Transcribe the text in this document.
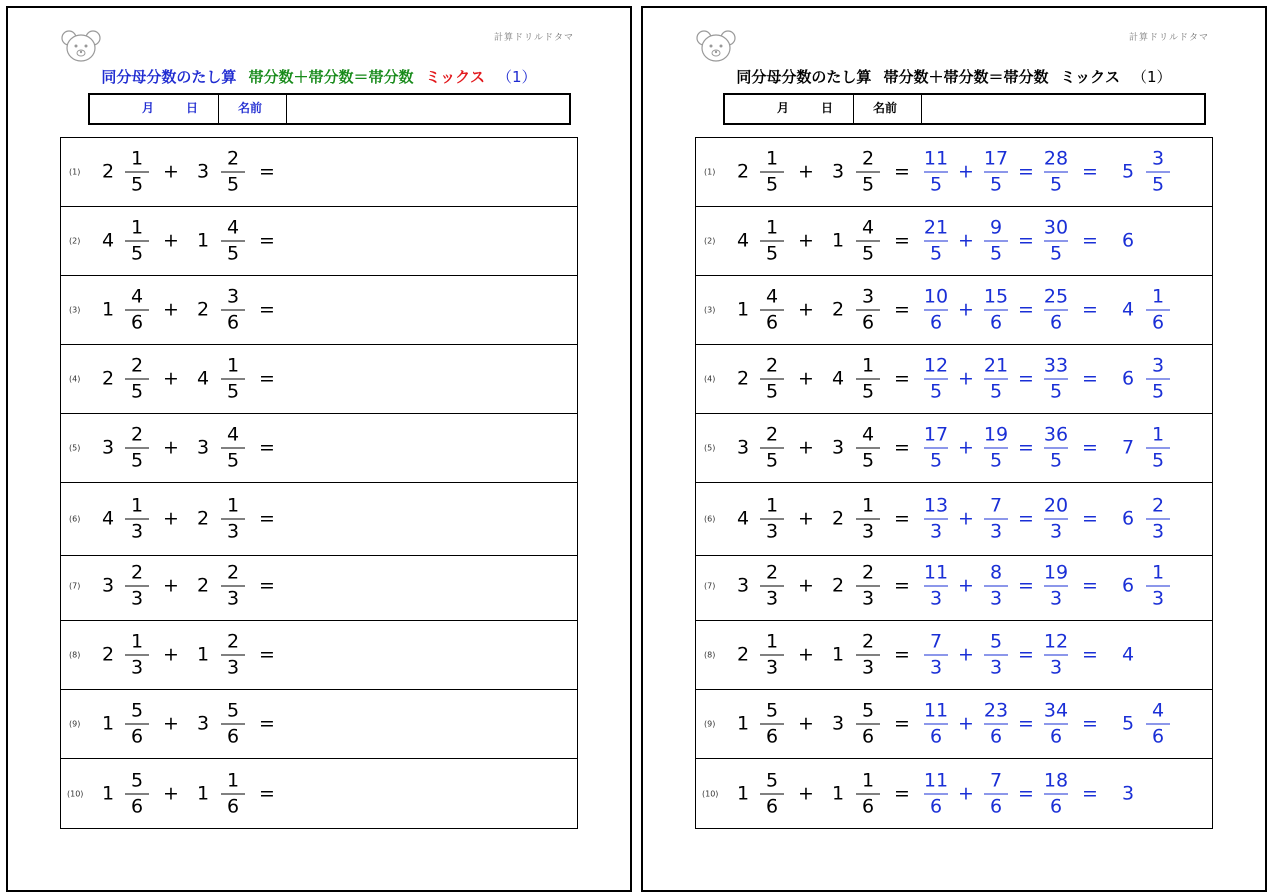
計算ドリルドタマ
同分母分数のたし算 帯分数＋帯分数＝帯分数 ミックス （1）
月	日	名前
(1) 2
1
5
+ 3
2
5
=
(2) 4
1
5
+ 1
4
5
=
(3) 1
4
6
+ 2
3
6
=
(4) 2
2
5
+ 4
1
5
=
(5) 3
2
5
+ 3
4
5
=
(6) 4
1
3
+ 2
1
3
=
(7) 3
2
3
+ 2
2
3
=
(8) 2
1
3
+ 1
2
3
=
(9) 1
5
6
+ 3
5
6
=
(10) 1
5
6
+ 1
1
6
=
計算ドリルドタマ
同分母分数のたし算 帯分数＋帯分数＝帯分数 ミックス （1）
月	日	名前
(1) 2
1
5
+ 3
2
5
=
11
5
+
17
5
=
28
5
= 5
3
5
(2) 4
1
5
+ 1
4
5
=
21
5
+
9
5
=
30
5
= 6
(3) 1
4
6
+ 2
3
6
=
10
6
+
15
6
=
25
6
= 4
1
6
(4) 2
2
5
+ 4
1
5
=
12
5
+
21
5
=
33
5
= 6
3
5
(5) 3
2
5
+ 3
4
5
=
17
5
+
19
5
=
36
5
= 7
1
5
(6) 4
1
3
+ 2
1
3
=
13
3
+
7
3
=
20
3
= 6
2
3
(7) 3
2
3
+ 2
2
3
=
11
3
+
8
3
=
19
3
= 6
1
3
(8) 2
1
3
+ 1
2
3
=
7
3
+
5
3
=
12
3
= 4
(9) 1
5
6
+ 3
5
6
=
11
6
+
23
6
=
34
6
= 5
4
6
(10) 1
5
6
+ 1
1
6
=
11
6
+
7
6
=
18
6
= 3
